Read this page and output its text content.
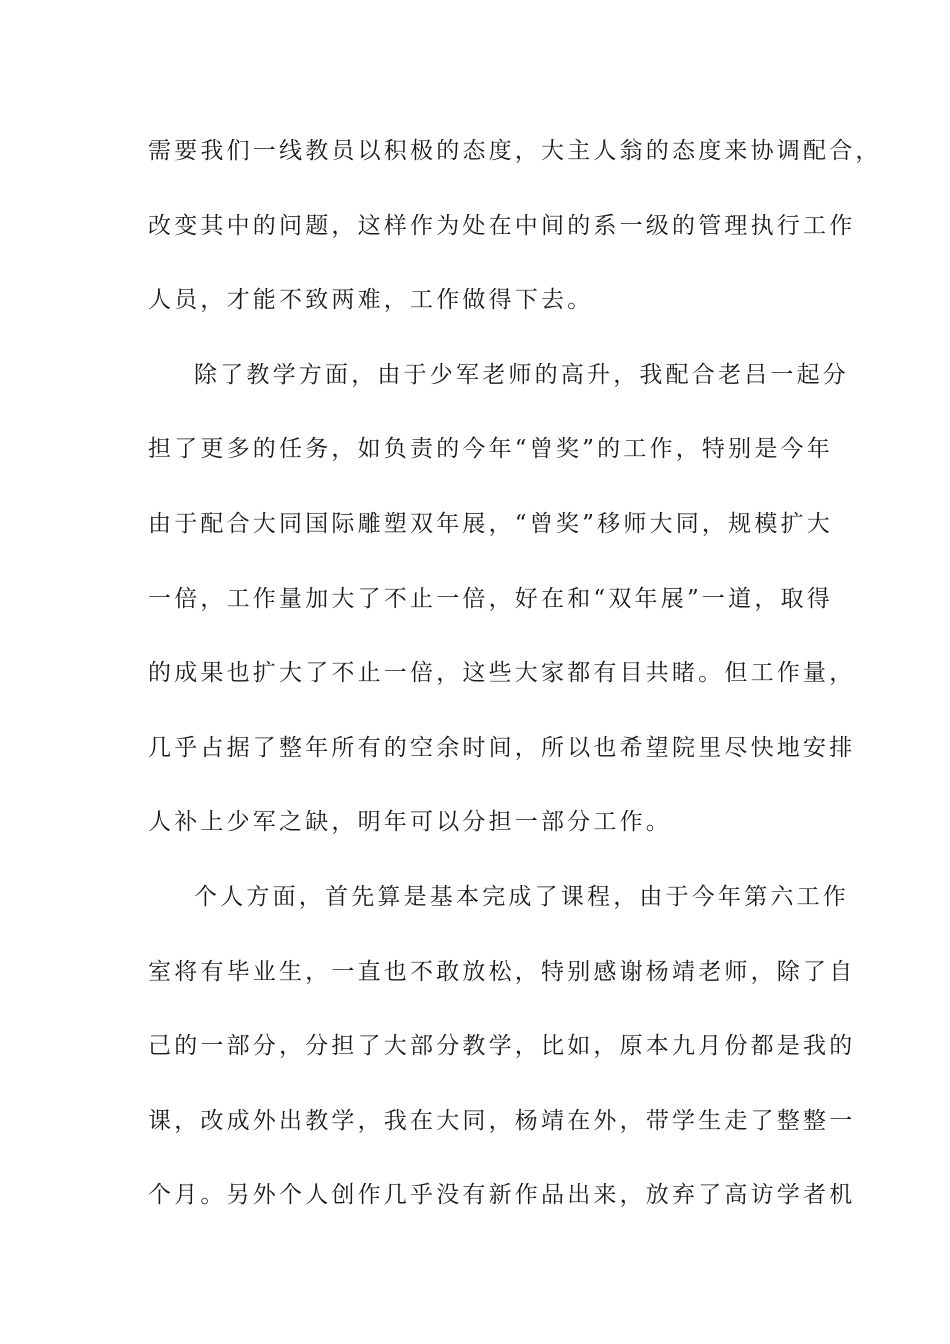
需要我们一线教员以积极的态度，大主人翁的态度来协调配合，
改变其中的问题，这样作为处在中间的系一级的管理执行工作
人员，才能不致两难，工作做得下去。
除了教学方面，由于少军老师的高升，我配合老吕一起分
担了更多的任务，如负责的今年“曾奖”的工作，特别是今年
由于配合大同国际雕塑双年展，“曾奖”移师大同，规模扩大
一倍，工作量加大了不止一倍，好在和“双年展”一道，取得
的成果也扩大了不止一倍，这些大家都有目共睹。但工作量，
几乎占据了整年所有的空余时间，所以也希望院里尽快地安排
人补上少军之缺，明年可以分担一部分工作。
个人方面，首先算是基本完成了课程，由于今年第六工作
室将有毕业生，一直也不敢放松，特别感谢杨靖老师，除了自
己的一部分，分担了大部分教学，比如，原本九月份都是我的
课，改成外出教学，我在大同，杨靖在外，带学生走了整整一
个月。另外个人创作几乎没有新作品出来，放弃了高访学者机
